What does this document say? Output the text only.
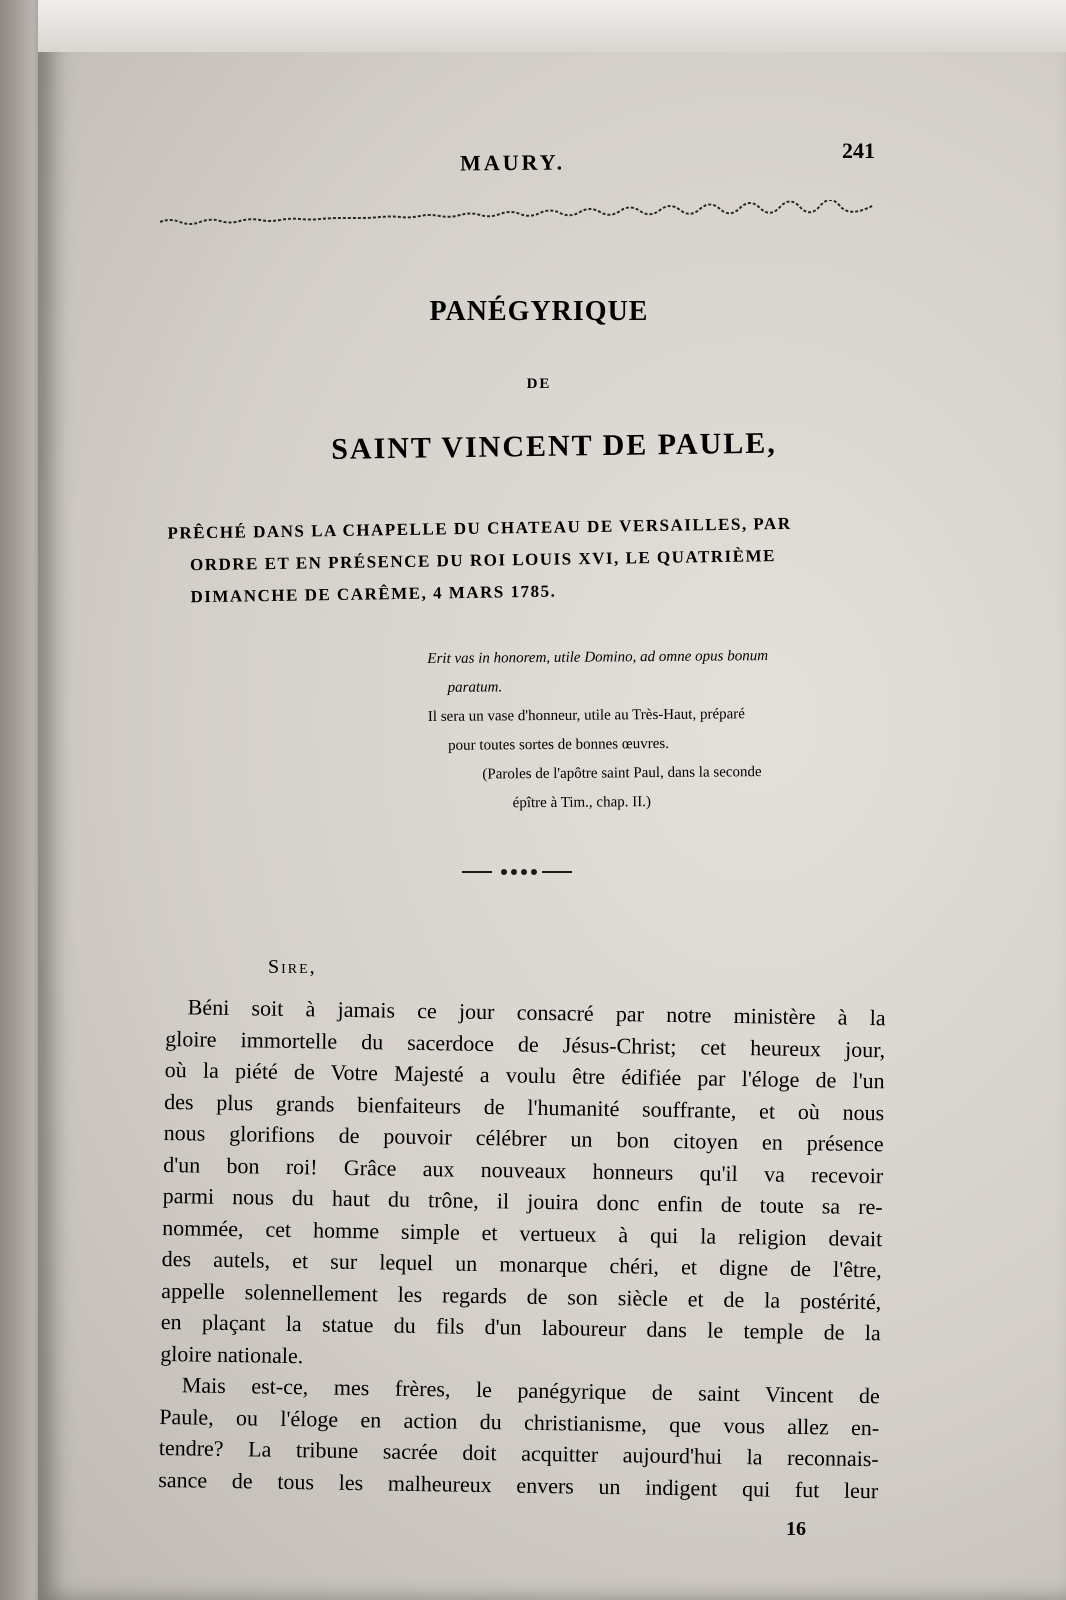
MAURY.	241
PANÉGYRIQUE
DE
SAINT VINCENT DE PAULE,
PRÊCHÉ DANS LA CHAPELLE DU CHATEAU DE VERSAILLES, PAR
ORDRE ET EN PRÉSENCE DU ROI LOUIS XVI, LE QUATRIÈME
DIMANCHE DE CARÊME, 4 MARS 1785.
Erit vas in honorem, utile Domino, ad omne opus bonum
paratum.
Il sera un vase d'honneur, utile au Très-Haut, préparé
pour toutes sortes de bonnes œuvres.
(Paroles de l'apôtre saint Paul, dans la seconde
épître à Tim., chap. II.)
Sire,
Béni soit à jamais ce jour consacré par notre ministère à la
gloire immortelle du sacerdoce de Jésus-Christ; cet heureux jour,
où la piété de Votre Majesté a voulu être édifiée par l'éloge de l'un
des plus grands bienfaiteurs de l'humanité souffrante, et où nous
nous glorifions de pouvoir célébrer un bon citoyen en présence
d'un bon roi! Grâce aux nouveaux honneurs qu'il va recevoir
parmi nous du haut du trône, il jouira donc enfin de toute sa re-
nommée, cet homme simple et vertueux à qui la religion devait
des autels, et sur lequel un monarque chéri, et digne de l'être,
appelle solennellement les regards de son siècle et de la postérité,
en plaçant la statue du fils d'un laboureur dans le temple de la
gloire nationale.
Mais est-ce, mes frères, le panégyrique de saint Vincent de
Paule, ou l'éloge en action du christianisme, que vous allez en-
tendre? La tribune sacrée doit acquitter aujourd'hui la reconnais-
sance de tous les malheureux envers un indigent qui fut leur
16
